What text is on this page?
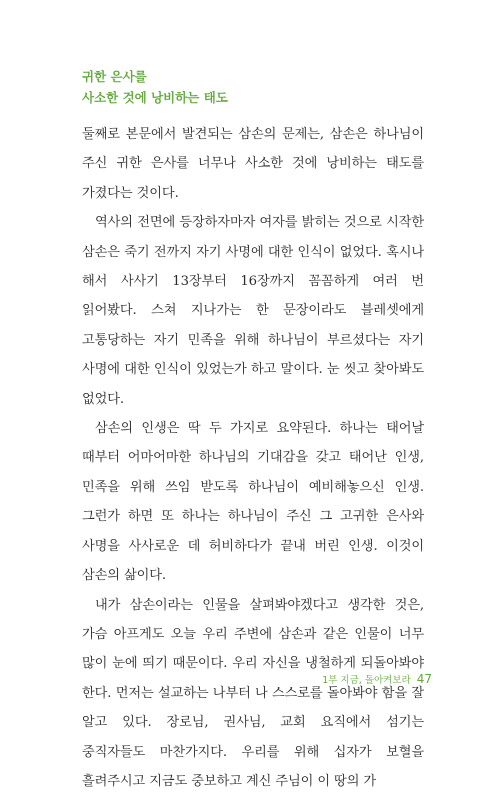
귀한 은사를
사소한 것에 낭비하는 태도

둘째로 본문에서 발견되는 삼손의 문제는, 삼손은 하나님이 주신 귀한 은사를 너무나 사소한 것에 낭비하는 태도를 가졌다는 것이다.

역사의 전면에 등장하자마자 여자를 밝히는 것으로 시작한 삼손은 죽기 전까지 자기 사명에 대한 인식이 없었다. 혹시나 해서 사사기 13장부터 16장까지 꼼꼼하게 여러 번 읽어봤다. 스쳐 지나가는 한 문장이라도 블레셋에게 고통당하는 자기 민족을 위해 하나님이 부르셨다는 자기 사명에 대한 인식이 있었는가 하고 말이다. 눈 씻고 찾아봐도 없었다.

삼손의 인생은 딱 두 가지로 요약된다. 하나는 태어날 때부터 어마어마한 하나님의 기대감을 갖고 태어난 인생, 민족을 위해 쓰임 받도록 하나님이 예비해놓으신 인생. 그런가 하면 또 하나는 하나님이 주신 그 고귀한 은사와 사명을 사사로운 데 허비하다가 끝내 버린 인생. 이것이 삼손의 삶이다.

내가 삼손이라는 인물을 살펴봐야겠다고 생각한 것은, 가슴 아프게도 오늘 우리 주변에 삼손과 같은 인물이 너무 많이 눈에 띄기 때문이다. 우리 자신을 냉철하게 되돌아봐야 한다. 먼저는 설교하는 나부터 나 스스로를 돌아봐야 함을 잘 알고 있다. 장로님, 권사님, 교회 요직에서 섬기는 중직자들도 마찬가지다. 우리를 위해 십자가 보혈을 흘려주시고 지금도 중보하고 계신 주님이 이 땅의 가

1부 지금, 돌아켜보라 47
